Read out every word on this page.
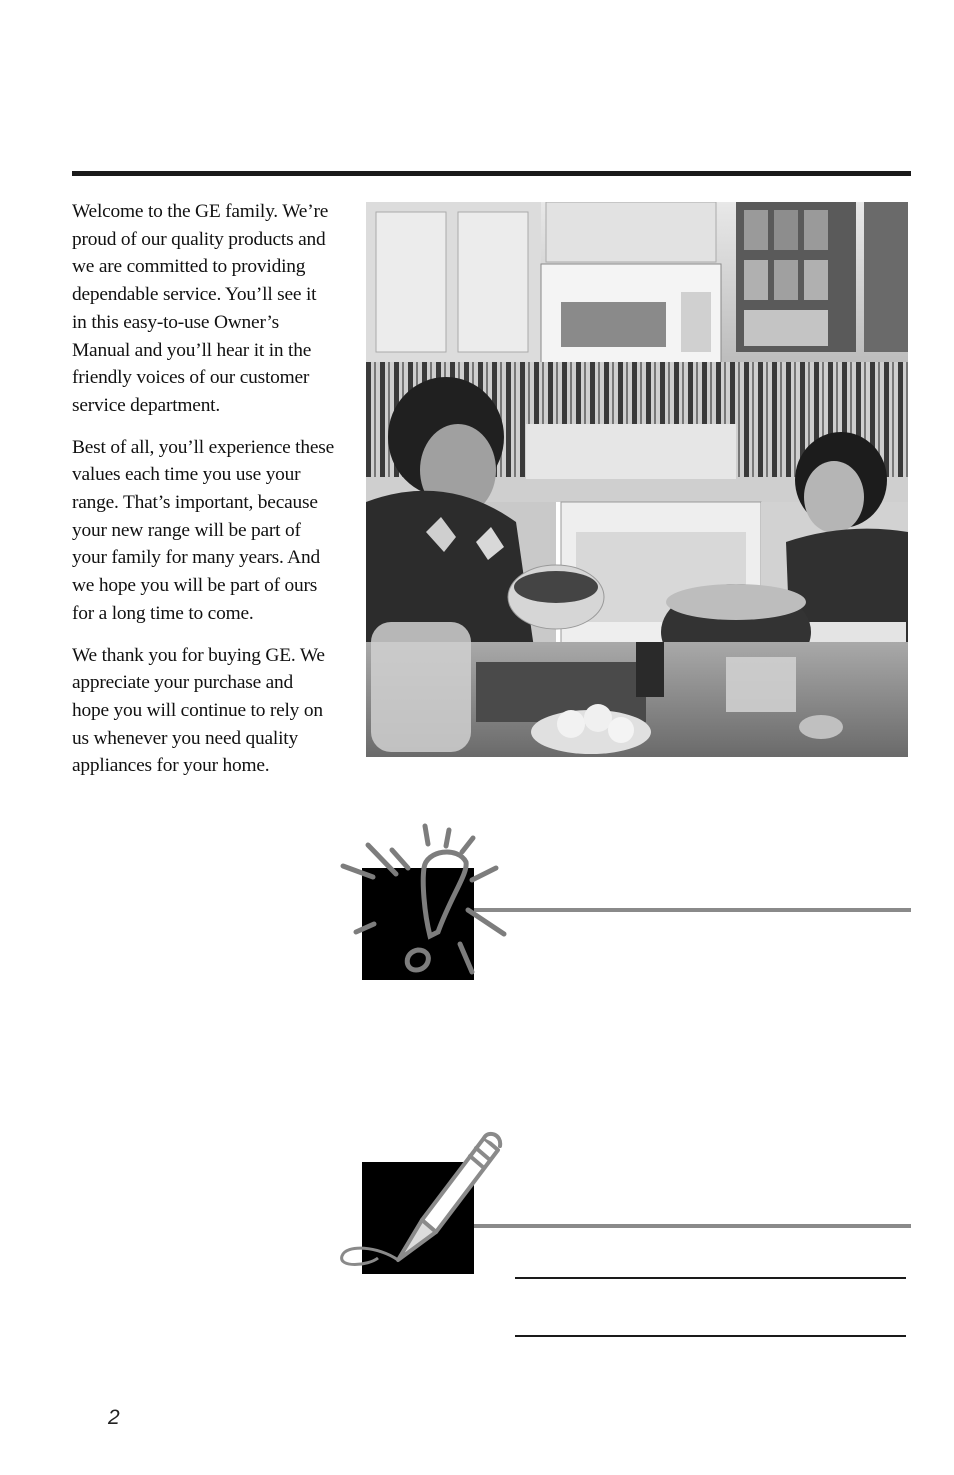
Welcome to the GE family. We’re proud of our quality products and we are committed to providing dependable service. You’ll see it in this easy-to-use Owner’s Manual and you’ll hear it in the friendly voices of our customer service department.

Best of all, you’ll experience these values each time you use your range. That’s important, because your new range will be part of your family for many years. And we hope you will be part of ours for a long time to come.

We thank you for buying GE. We appreciate your purchase and hope you will continue to rely on us whenever you need quality appliances for your home.

2
